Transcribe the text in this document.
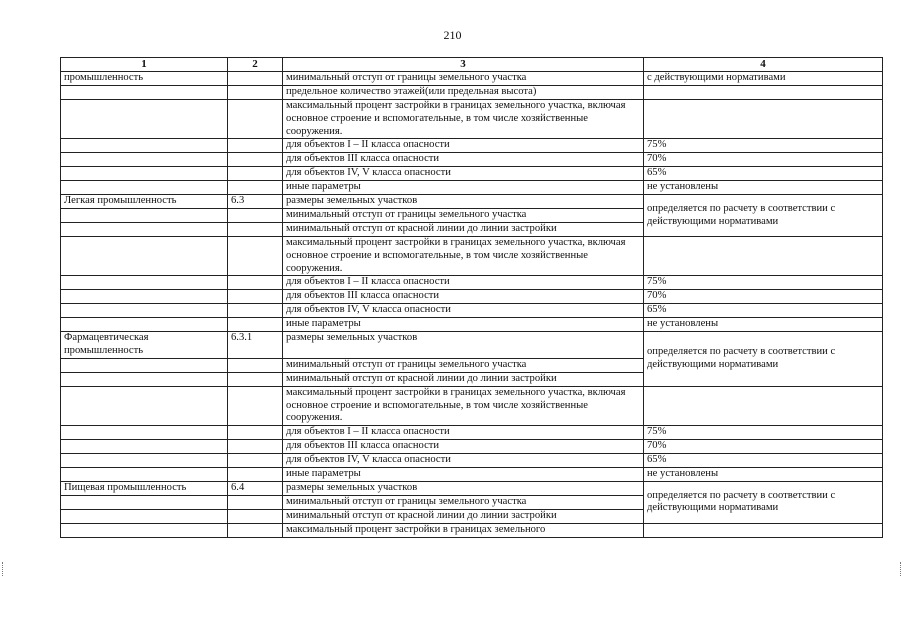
210
1	2	3	4
промышленность		минимальный отступ от границы земельного участка	с действующими нормативами
		предельное количество этажей(или предельная высота)	
		максимальный процент застройки в границах земельного участка, включая основное строение и вспомогательные, в том числе хозяйственные сооружения.	
		для объектов I – II класса опасности	75%
		для объектов III класса опасности	70%
		для объектов IV, V класса опасности	65%
		иные параметры	не установлены
Легкая промышленность	6.3	размеры земельных участков	определяется по расчету в соответствии с действующими нормативами
		минимальный отступ от границы земельного участка	
		минимальный отступ от красной линии до линии застройки	
		максимальный процент застройки в границах земельного участка, включая основное строение и вспомогательные, в том числе хозяйственные сооружения.	
		для объектов I – II класса опасности	75%
		для объектов III класса опасности	70%
		для объектов IV, V класса опасности	65%
		иные параметры	не установлены
Фармацевтическая промышленность	6.3.1	размеры земельных участков	определяется по расчету в соответствии с действующими нормативами
		минимальный отступ от границы земельного участка	
		минимальный отступ от красной линии до линии застройки	
		максимальный процент застройки в границах земельного участка, включая основное строение и вспомогательные, в том числе хозяйственные сооружения.	
		для объектов I – II класса опасности	75%
		для объектов III класса опасности	70%
		для объектов IV, V класса опасности	65%
		иные параметры	не установлены
Пищевая промышленность	6.4	размеры земельных участков	определяется по расчету в соответствии с действующими нормативами
		минимальный отступ от границы земельного участка	
		минимальный отступ от красной линии до линии застройки	
		максимальный процент застройки в границах земельного	
